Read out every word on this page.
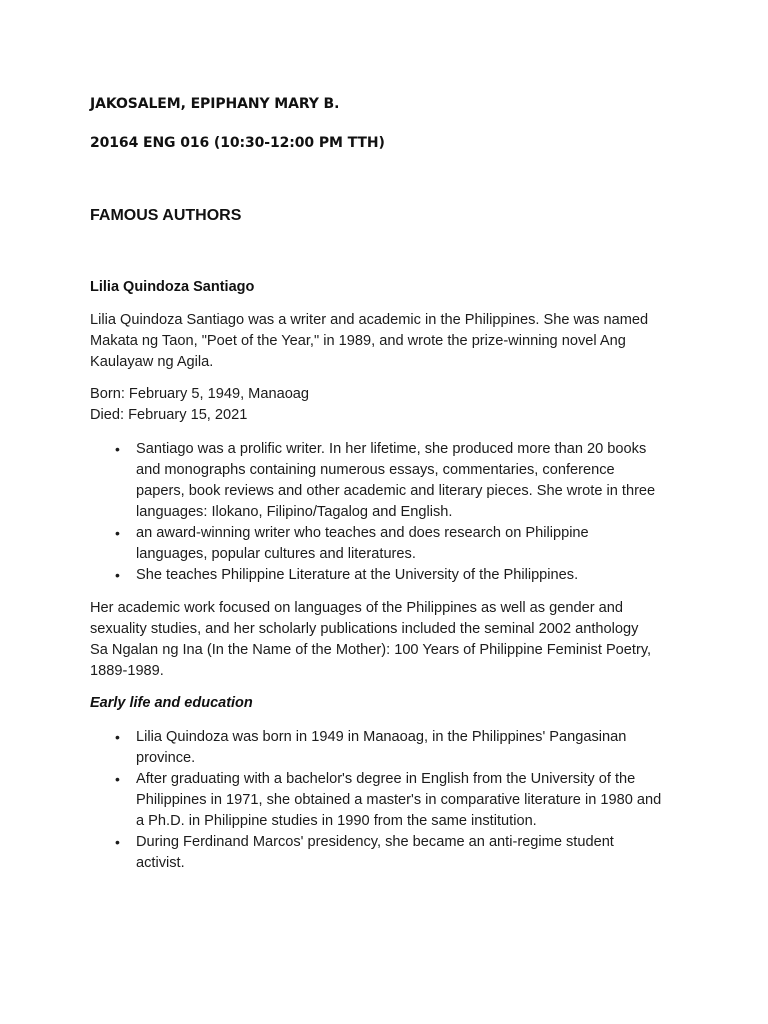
JAKOSALEM, EPIPHANY MARY B.
20164 ENG 016 (10:30-12:00 PM TTH)
FAMOUS AUTHORS
Lilia Quindoza Santiago

Lilia Quindoza Santiago was a writer and academic in the Philippines. She was named
Makata ng Taon, "Poet of the Year," in 1989, and wrote the prize-winning novel Ang
Kaulayaw ng Agila.

Born: February 5, 1949, Manaoag
Died: February 15, 2021

• Santiago was a prolific writer. In her lifetime, she produced more than 20 books
and monographs containing numerous essays, commentaries, conference
papers, book reviews and other academic and literary pieces. She wrote in three
languages: Ilokano, Filipino/Tagalog and English.
• an award-winning writer who teaches and does research on Philippine
languages, popular cultures and literatures.
• She teaches Philippine Literature at the University of the Philippines.

Her academic work focused on languages of the Philippines as well as gender and
sexuality studies, and her scholarly publications included the seminal 2002 anthology
Sa Ngalan ng Ina (In the Name of the Mother): 100 Years of Philippine Feminist Poetry,
1889-1989.

Early life and education
• Lilia Quindoza was born in 1949 in Manaoag, in the Philippines' Pangasinan
province.
• After graduating with a bachelor's degree in English from the University of the
Philippines in 1971, she obtained a master's in comparative literature in 1980 and
a Ph.D. in Philippine studies in 1990 from the same institution.
• During Ferdinand Marcos' presidency, she became an anti-regime student
activist.
